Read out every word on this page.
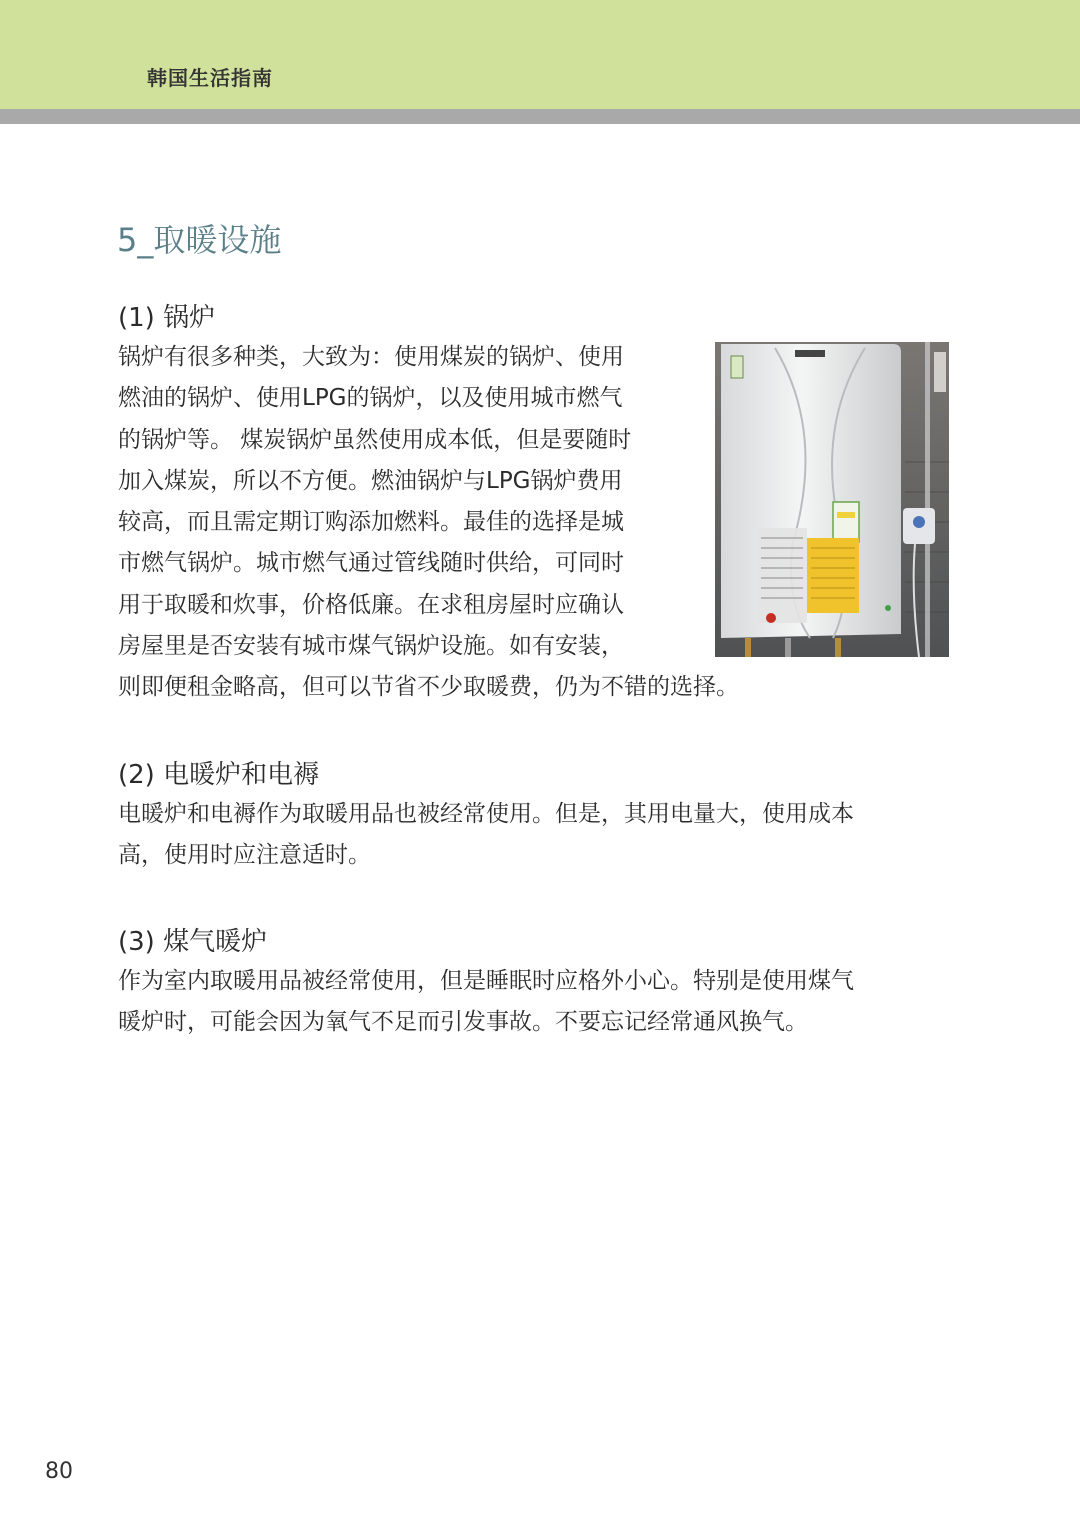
韩国生活指南
5_取暖设施
(1) 锅炉
锅炉有很多种类，大致为：使用煤炭的锅炉、使用
燃油的锅炉、使用LPG的锅炉，以及使用城市燃气
的锅炉等。 煤炭锅炉虽然使用成本低，但是要随时
加入煤炭，所以不方便。燃油锅炉与LPG锅炉费用
较高，而且需定期订购添加燃料。最佳的选择是城
市燃气锅炉。城市燃气通过管线随时供给，可同时
用于取暖和炊事，价格低廉。在求租房屋时应确认
房屋里是否安装有城市煤气锅炉设施。如有安装，
则即便租金略高，但可以节省不少取暖费，仍为不错的选择。
(2) 电暖炉和电褥
电暖炉和电褥作为取暖用品也被经常使用。但是，其用电量大，使用成本
高，使用时应注意适时。
(3) 煤气暖炉
作为室内取暖用品被经常使用，但是睡眠时应格外小心。特别是使用煤气
暖炉时，可能会因为氧气不足而引发事故。不要忘记经常通风换气。
80
